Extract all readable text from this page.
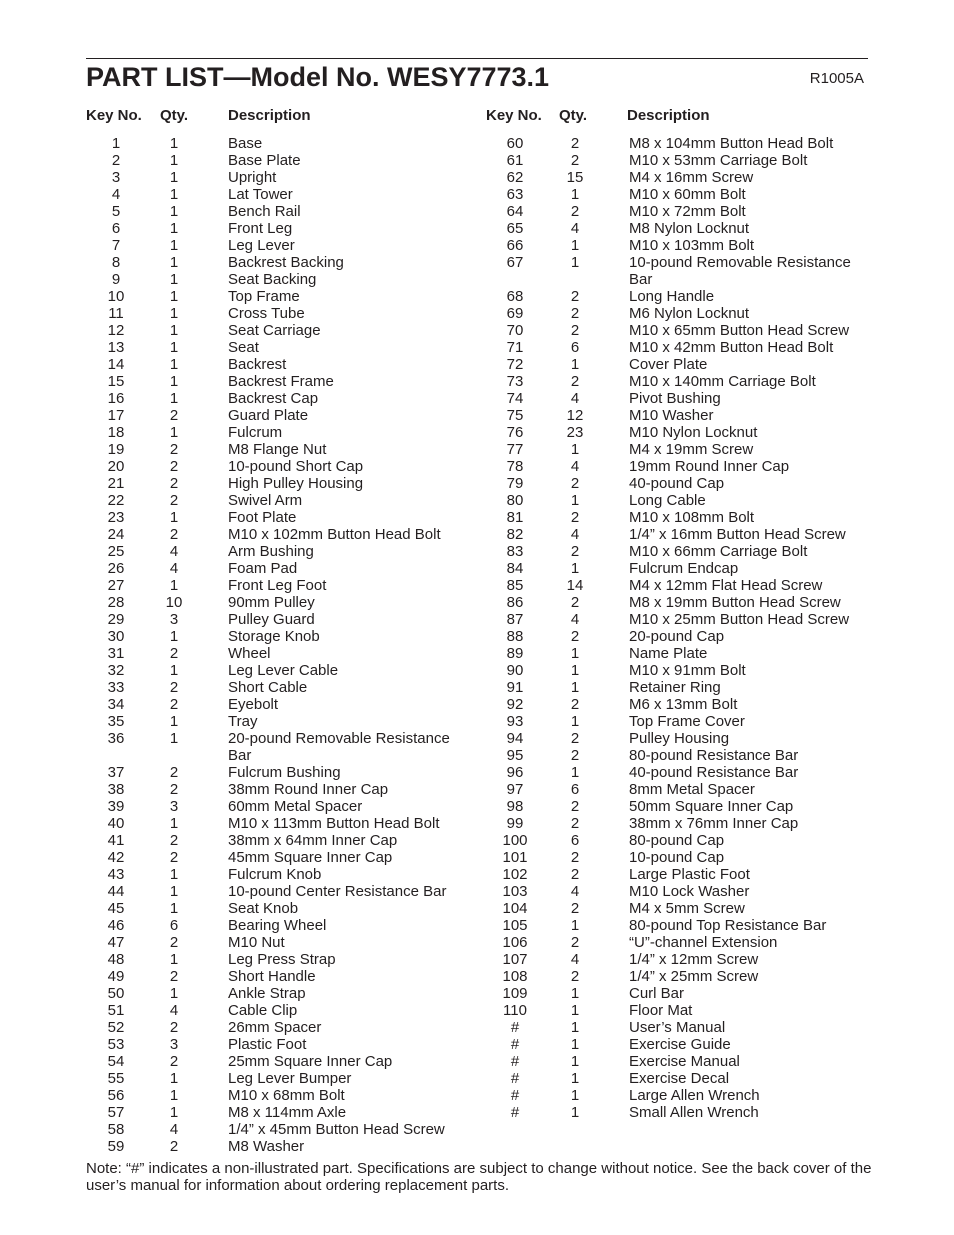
PART LIST—Model No. WESY7773.1	R1005A
Key No. Qty.	Description	Key No. Qty.	Description
1	1	Base
2	1	Base Plate
3	1	Upright
4	1	Lat Tower
5	1	Bench Rail
6	1	Front Leg
7	1	Leg Lever
8	1	Backrest Backing
9	1	Seat Backing
10	1	Top Frame
11	1	Cross Tube
12	1	Seat Carriage
13	1	Seat
14	1	Backrest
15	1	Backrest Frame
16	1	Backrest Cap
17	2	Guard Plate
18	1	Fulcrum
19	2	M8 Flange Nut
20	2	10-pound Short Cap
21	2	High Pulley Housing
22	2	Swivel Arm
23	1	Foot Plate
24	2	M10 x 102mm Button Head Bolt
25	4	Arm Bushing
26	4	Foam Pad
27	1	Front Leg Foot
28	10	90mm Pulley
29	3	Pulley Guard
30	1	Storage Knob
31	2	Wheel
32	1	Leg Lever Cable
33	2	Short Cable
34	2	Eyebolt
35	1	Tray
36	1	20-pound Removable Resistance Bar
37	2	Fulcrum Bushing
38	2	38mm Round Inner Cap
39	3	60mm Metal Spacer
40	1	M10 x 113mm Button Head Bolt
41	2	38mm x 64mm Inner Cap
42	2	45mm Square Inner Cap
43	1	Fulcrum Knob
44	1	10-pound Center Resistance Bar
45	1	Seat Knob
46	6	Bearing Wheel
47	2	M10 Nut
48	1	Leg Press Strap
49	2	Short Handle
50	1	Ankle Strap
51	4	Cable Clip
52	2	26mm Spacer
53	3	Plastic Foot
54	2	25mm Square Inner Cap
55	1	Leg Lever Bumper
56	1	M10 x 68mm Bolt
57	1	M8 x 114mm Axle
58	4	1/4” x 45mm Button Head Screw
59	2	M8 Washer
60	2	M8 x 104mm Button Head Bolt
61	2	M10 x 53mm Carriage Bolt
62	15	M4 x 16mm Screw
63	1	M10 x 60mm Bolt
64	2	M10 x 72mm Bolt
65	4	M8 Nylon Locknut
66	1	M10 x 103mm Bolt
67	1	10-pound Removable Resistance Bar
68	2	Long Handle
69	2	M6 Nylon Locknut
70	2	M10 x 65mm Button Head Screw
71	6	M10 x 42mm Button Head Bolt
72	1	Cover Plate
73	2	M10 x 140mm Carriage Bolt
74	4	Pivot Bushing
75	12	M10 Washer
76	23	M10 Nylon Locknut
77	1	M4 x 19mm Screw
78	4	19mm Round Inner Cap
79	2	40-pound Cap
80	1	Long Cable
81	2	M10 x 108mm Bolt
82	4	1/4” x 16mm Button Head Screw
83	2	M10 x 66mm Carriage Bolt
84	1	Fulcrum Endcap
85	14	M4 x 12mm Flat Head Screw
86	2	M8 x 19mm Button Head Screw
87	4	M10 x 25mm Button Head Screw
88	2	20-pound Cap
89	1	Name Plate
90	1	M10 x 91mm Bolt
91	1	Retainer Ring
92	2	M6 x 13mm Bolt
93	1	Top Frame Cover
94	2	Pulley Housing
95	2	80-pound Resistance Bar
96	1	40-pound Resistance Bar
97	6	8mm Metal Spacer
98	2	50mm Square Inner Cap
99	2	38mm x 76mm Inner Cap
100	6	80-pound Cap
101	2	10-pound Cap
102	2	Large Plastic Foot
103	4	M10 Lock Washer
104	2	M4 x 5mm Screw
105	1	80-pound Top Resistance Bar
106	2	“U”-channel Extension
107	4	1/4” x 12mm Screw
108	2	1/4” x 25mm Screw
109	1	Curl Bar
110	1	Floor Mat
#	1	User’s Manual
#	1	Exercise Guide
#	1	Exercise Manual
#	1	Exercise Decal
#	1	Large Allen Wrench
#	1	Small Allen Wrench
Note: “#” indicates a non-illustrated part. Specifications are subject to change without notice. See the back cover of the user’s manual for information about ordering replacement parts.
